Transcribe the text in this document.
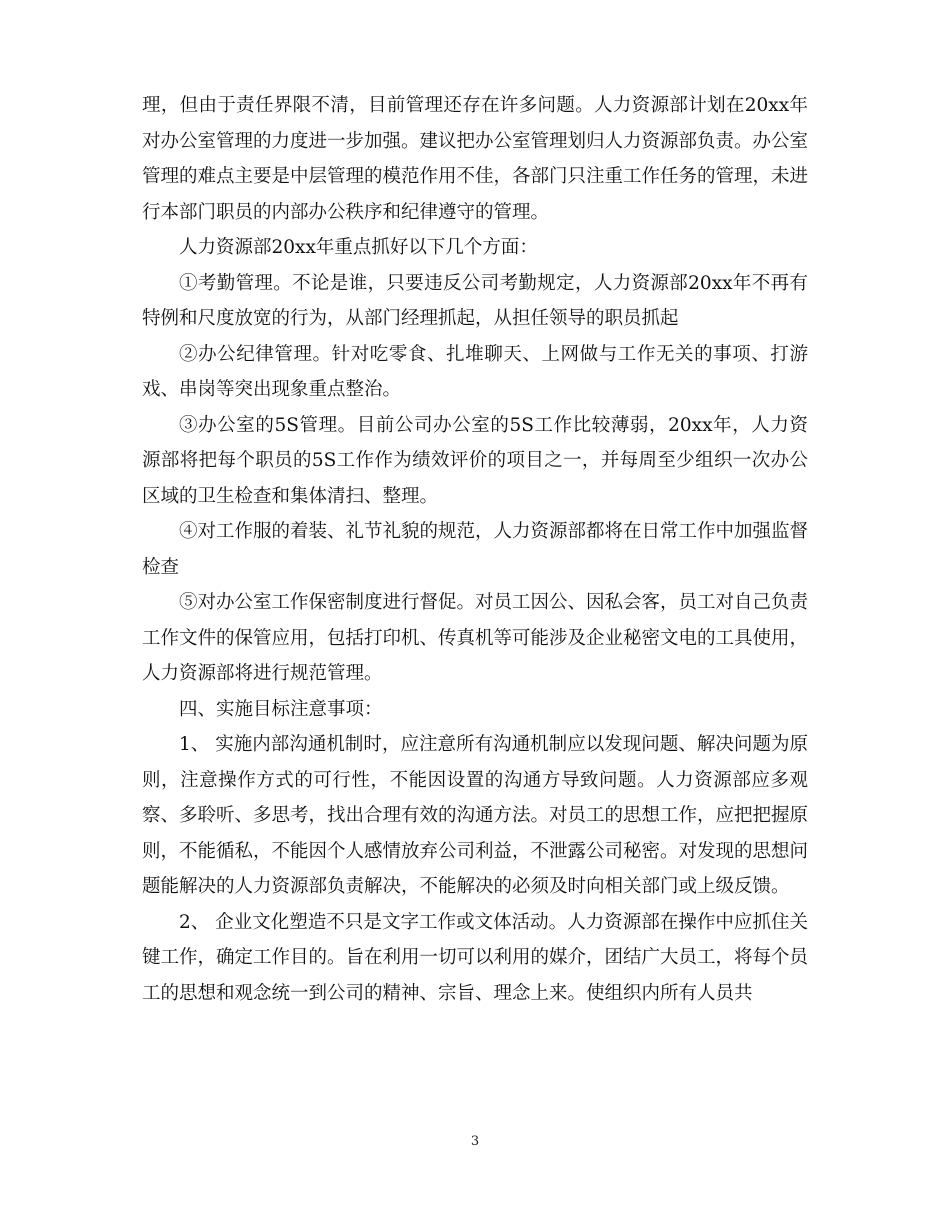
理，但由于责任界限不清，目前管理还存在许多问题。人力资源部计划在20xx年对办公室管理的力度进一步加强。建议把办公室管理划归人力资源部负责。办公室管理的难点主要是中层管理的模范作用不佳，各部门只注重工作任务的管理，未进行本部门职员的内部办公秩序和纪律遵守的管理。

人力资源部20xx年重点抓好以下几个方面：

①考勤管理。不论是谁，只要违反公司考勤规定，人力资源部20xx年不再有特例和尺度放宽的行为，从部门经理抓起，从担任领导的职员抓起

②办公纪律管理。针对吃零食、扎堆聊天、上网做与工作无关的事项、打游戏、串岗等突出现象重点整治。

③办公室的5S管理。目前公司办公室的5S工作比较薄弱，20xx年，人力资源部将把每个职员的5S工作作为绩效评价的项目之一，并每周至少组织一次办公区域的卫生检查和集体清扫、整理。

④对工作服的着装、礼节礼貌的规范，人力资源部都将在日常工作中加强监督检查

⑤对办公室工作保密制度进行督促。对员工因公、因私会客，员工对自己负责工作文件的保管应用，包括打印机、传真机等可能涉及企业秘密文电的工具使用，人力资源部将进行规范管理。

四、实施目标注意事项：

1、 实施内部沟通机制时，应注意所有沟通机制应以发现问题、解决问题为原则，注意操作方式的可行性，不能因设置的沟通方导致问题。人力资源部应多观察、多聆听、多思考，找出合理有效的沟通方法。对员工的思想工作，应把把握原则，不能循私，不能因个人感情放弃公司利益，不泄露公司秘密。对发现的思想问题能解决的人力资源部负责解决，不能解决的必须及时向相关部门或上级反馈。

2、 企业文化塑造不只是文字工作或文体活动。人力资源部在操作中应抓住关键工作，确定工作目的。旨在利用一切可以利用的媒介，团结广大员工，将每个员工的思想和观念统一到公司的精神、宗旨、理念上来。使组织内所有人员共

3
